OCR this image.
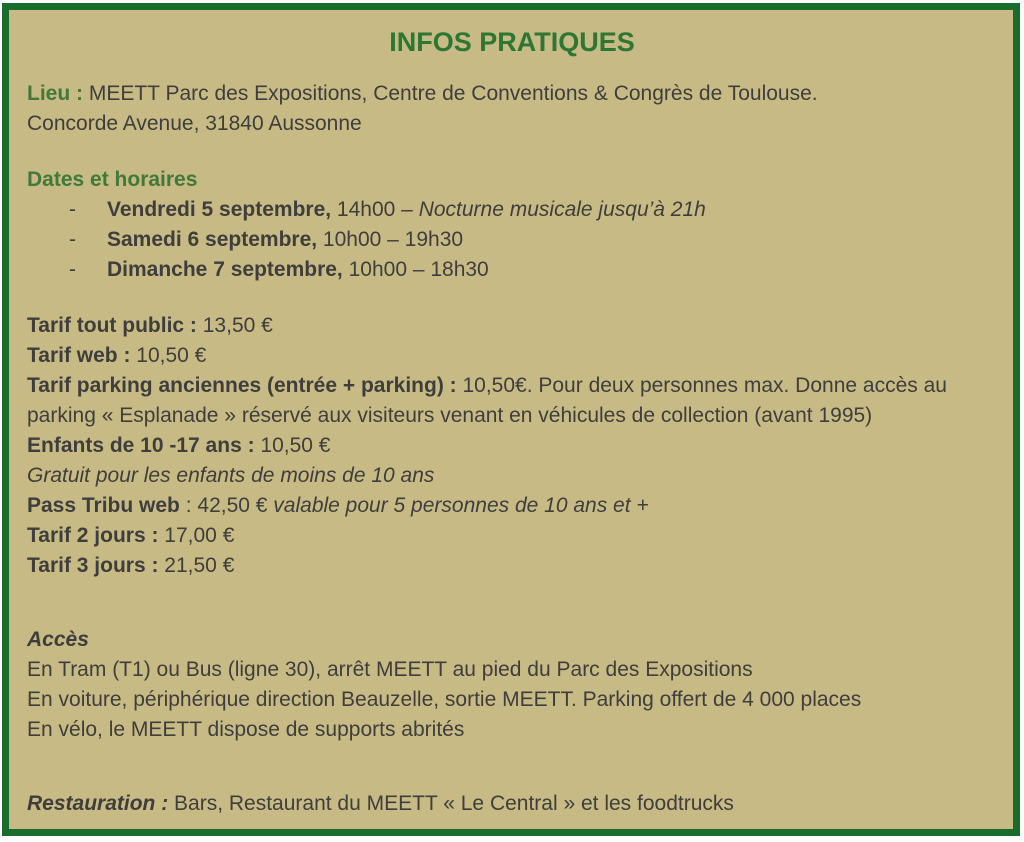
INFOS PRATIQUES
Lieu : MEETT Parc des Expositions, Centre de Conventions & Congrès de Toulouse.
Concorde Avenue, 31840 Aussonne
Dates et horaires
- Vendredi 5 septembre, 14h00 – Nocturne musicale jusqu’à 21h
- Samedi 6 septembre, 10h00 – 19h30
- Dimanche 7 septembre, 10h00 – 18h30
Tarif tout public : 13,50 €
Tarif web : 10,50 €
Tarif parking anciennes (entrée + parking) : 10,50€. Pour deux personnes max. Donne accès au parking « Esplanade » réservé aux visiteurs venant en véhicules de collection (avant 1995)
Enfants de 10 -17 ans : 10,50 €
Gratuit pour les enfants de moins de 10 ans
Pass Tribu web : 42,50 € valable pour 5 personnes de 10 ans et +
Tarif 2 jours : 17,00 €
Tarif 3 jours : 21,50 €
Accès
En Tram (T1) ou Bus (ligne 30), arrêt MEETT au pied du Parc des Expositions
En voiture, périphérique direction Beauzelle, sortie MEETT. Parking offert de 4 000 places
En vélo, le MEETT dispose de supports abrités
Restauration : Bars, Restaurant du MEETT « Le Central » et les foodtrucks
